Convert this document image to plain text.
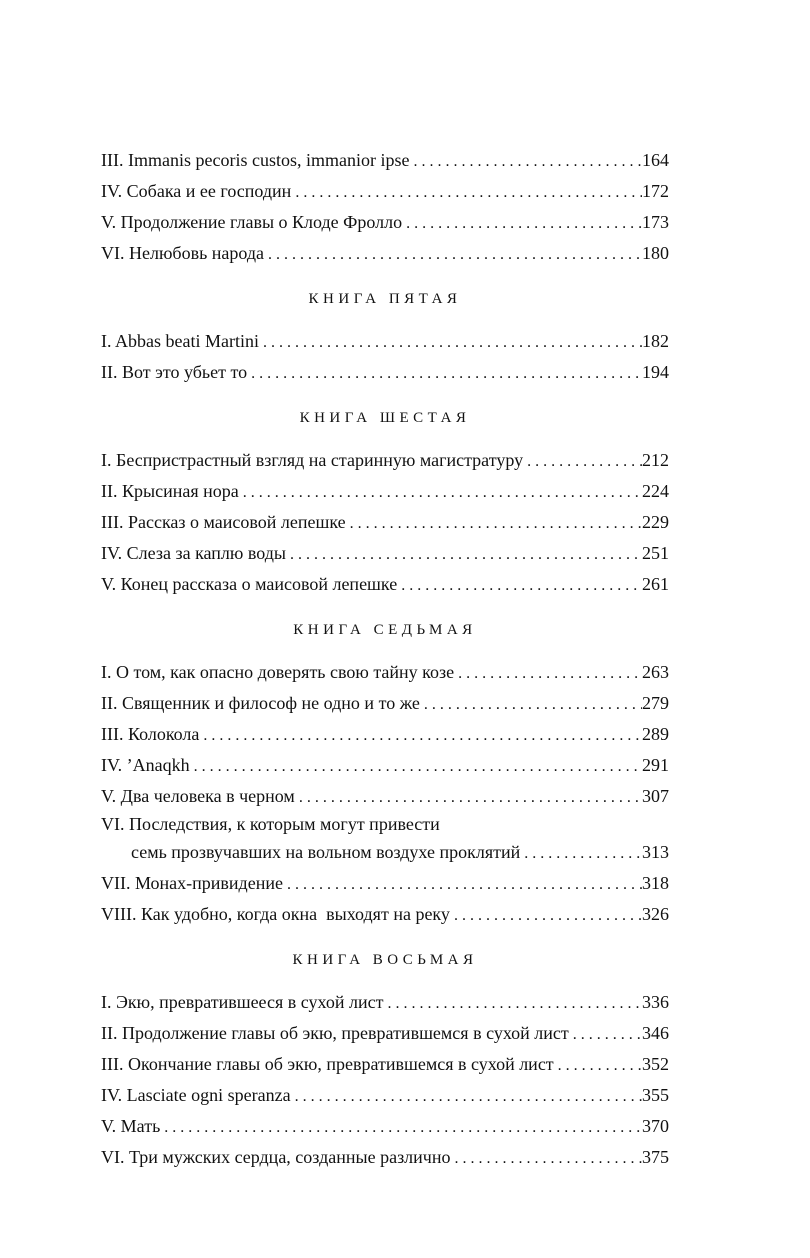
III. Immanis pecoris custos, immanior ipse . . .	164
IV. Собака и ее господин . . .	172
V. Продолжение главы о Клоде Фролло . . .	173
VI. Нелюбовь народа . . .	180
КНИГА ПЯТАЯ
I. Abbas beati Martini . . .	182
II. Вот это убьет то . . .	194
КНИГА ШЕСТАЯ
I. Беспристрастный взгляд на старинную магистратуру . . .	212
II. Крысиная нора . . .	224
III. Рассказ о маисовой лепешке . . .	229
IV. Слеза за каплю воды . . .	251
V. Конец рассказа о маисовой лепешке . . .	261
КНИГА СЕДЬМАЯ
I. О том, как опасно доверять свою тайну козе . . .	263
II. Священник и философ не одно и то же . . .	279
III. Колокола . . .	289
IV. ’Anaqkh . . .	291
V. Два человека в черном . . .	307
VI. Последствия, к которым могут привести
семь прозвучавших на вольном воздухе проклятий . . .	313
VII. Монах-привидение . . .	318
VIII. Как удобно, когда окна  выходят на реку . . .	326
КНИГА ВОСЬМАЯ
I. Экю, превратившееся в сухой лист . . .	336
II. Продолжение главы об экю, превратившемся в сухой лист . . .	346
III. Окончание главы об экю, превратившемся в сухой лист . . .	352
IV. Lasciate ogni speranza . . .	355
V. Мать . . .	370
VI. Три мужских сердца, созданные различно . . .	375
